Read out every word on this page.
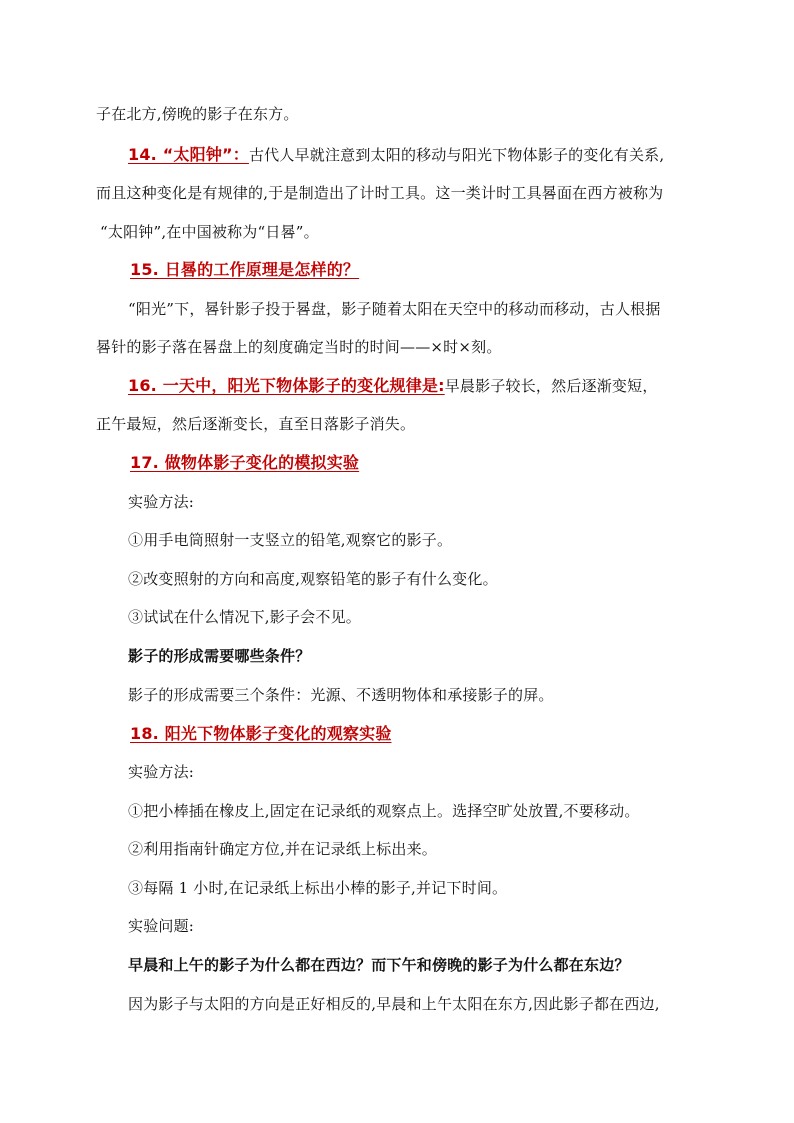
子在北方,傍晚的影子在东方。
14. “太阳钟”：古代人早就注意到太阳的移动与阳光下物体影子的变化有关系,
而且这种变化是有规律的,于是制造出了计时工具。这一类计时工具晷面在西方被称为
“太阳钟”,在中国被称为“日晷”。
15. 日晷的工作原理是怎样的？
“阳光”下，晷针影子投于晷盘，影子随着太阳在天空中的移动而移动，古人根据
晷针的影子落在晷盘上的刻度确定当时的时间——×时×刻。
16. 一天中，阳光下物体影子的变化规律是:早晨影子较长，然后逐渐变短，
正午最短，然后逐渐变长，直至日落影子消失。
17. 做物体影子变化的模拟实验
实验方法:
①用手电筒照射一支竖立的铅笔,观察它的影子。
②改变照射的方向和高度,观察铅笔的影子有什么变化。
③试试在什么情况下,影子会不见。
影子的形成需要哪些条件？
影子的形成需要三个条件：光源、不透明物体和承接影子的屏。
18. 阳光下物体影子变化的观察实验
实验方法:
①把小棒插在橡皮上,固定在记录纸的观察点上。选择空旷处放置,不要移动。
②利用指南针确定方位,并在记录纸上标出来。
③每隔 1 小时,在记录纸上标出小棒的影子,并记下时间。
实验问题:
早晨和上午的影子为什么都在西边？而下午和傍晚的影子为什么都在东边？
因为影子与太阳的方向是正好相反的,早晨和上午太阳在东方,因此影子都在西边,
